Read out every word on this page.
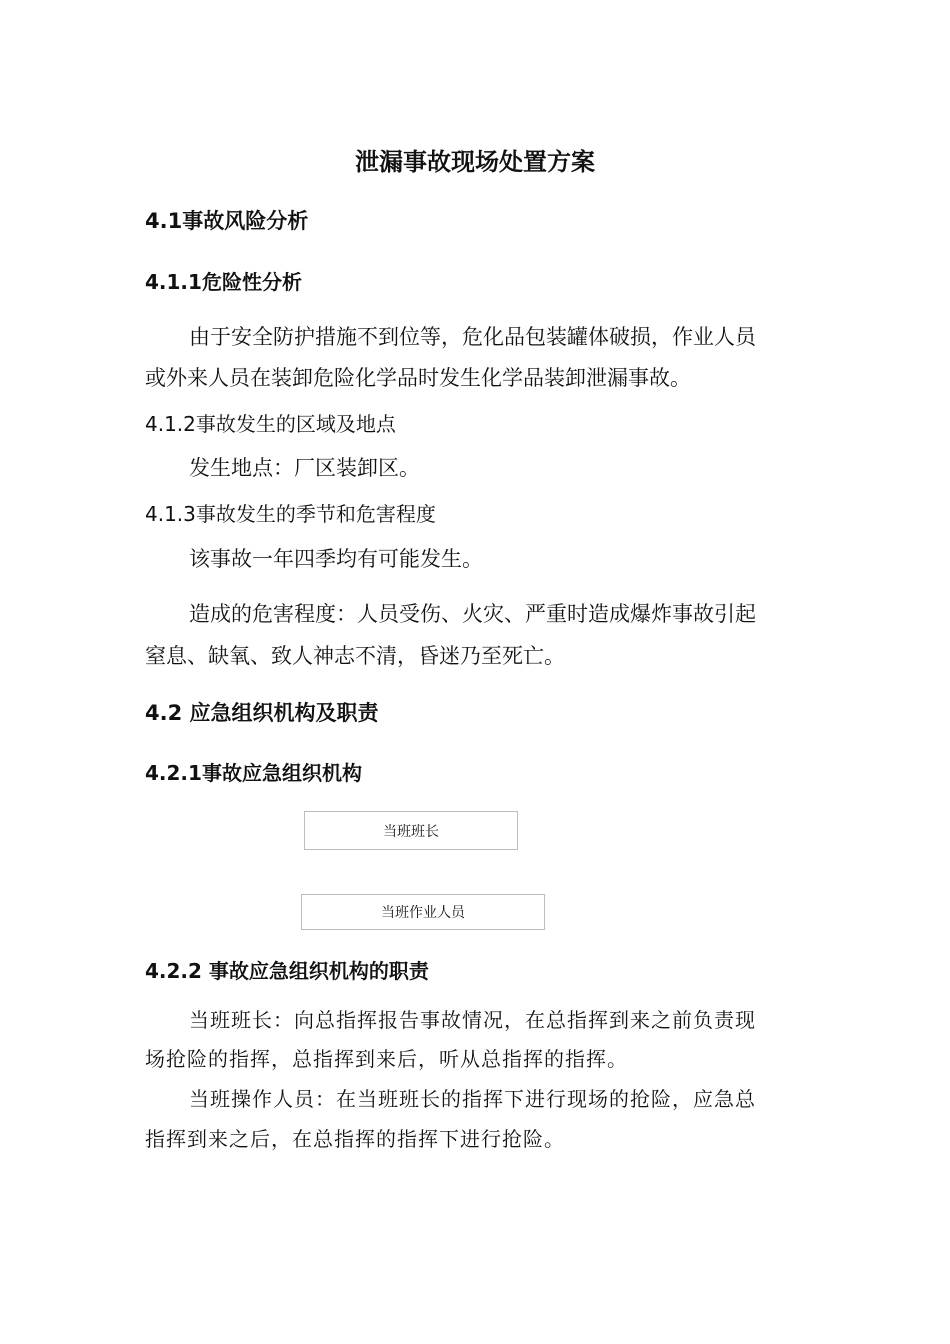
泄漏事故现场处置方案
4.1事故风险分析
4.1.1危险性分析
由于安全防护措施不到位等，危化品包装罐体破损，作业人员
或外来人员在装卸危险化学品时发生化学品装卸泄漏事故。
4.1.2事故发生的区域及地点
发生地点：厂区装卸区。
4.1.3事故发生的季节和危害程度
该事故一年四季均有可能发生。
造成的危害程度：人员受伤、火灾、严重时造成爆炸事故引起
窒息、缺氧、致人神志不清，昏迷乃至死亡。
4.2 应急组织机构及职责
4.2.1事故应急组织机构
当班班长
当班作业人员
4.2.2 事故应急组织机构的职责
当班班长：向总指挥报告事故情况，在总指挥到来之前负责现
场抢险的指挥，总指挥到来后，听从总指挥的指挥。
当班操作人员：在当班班长的指挥下进行现场的抢险，应急总
指挥到来之后，在总指挥的指挥下进行抢险。
